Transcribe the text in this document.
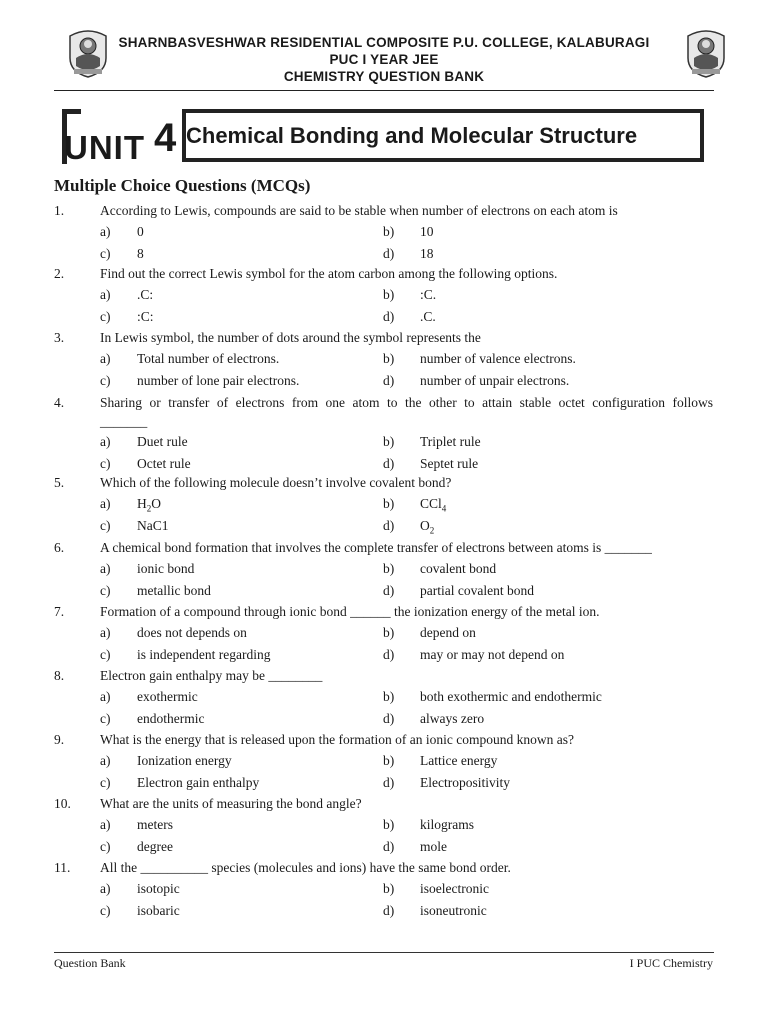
SHARNBASVESHWAR RESIDENTIAL COMPOSITE P.U. COLLEGE, KALABURAGI
PUC I YEAR JEE
CHEMISTRY QUESTION BANK
UNIT 4 Chemical Bonding and Molecular Structure
Multiple Choice Questions (MCQs)
1.	According to Lewis, compounds are said to be stable when number of electrons on each atom is
a) 0	b) 10
c) 8	d) 18
2.	Find out the correct Lewis symbol for the atom carbon among the following options.
a) .C:	b) :C.
c) :C:	d) .C.
3.	In Lewis symbol, the number of dots around the symbol represents the
a) Total number of electrons.	b) number of valence electrons.
c) number of lone pair electrons.	d) number of unpair electrons.
4.	Sharing or transfer of electrons from one atom to the other to attain stable octet configuration follows
_______
a) Duet rule	b) Triplet rule
c) Octet rule	d) Septet rule
5.	Which of the following molecule doesn’t involve covalent bond?
a) $H_2O$	b) CCl$_4$
c) NaC1	d) $O_2$
6.	A chemical bond formation that involves the complete transfer of electrons between atoms is _______
a) ionic bond	b) covalent bond
c) metallic bond	d) partial covalent bond
7.	Formation of a compound through ionic bond ______ the ionization energy of the metal ion.
a) does not depends on	b) depend on
c) is independent regarding	d) may or may not depend on
8.	Electron gain enthalpy may be ________
a) exothermic	b) both exothermic and endothermic
c) endothermic	d) always zero
9.	What is the energy that is released upon the formation of an ionic compound known as?
a) Ionization energy	b) Lattice energy
c) Electron gain enthalpy	d) Electropositivity
10. What are the units of measuring the bond angle?
a) meters	b) kilograms
c) degree	d) mole
11. All the __________ species (molecules and ions) have the same bond order.
a) isotopic	b) isoelectronic
c) isobaric	d) isoneutronic
Question Bank	I PUC Chemistry
